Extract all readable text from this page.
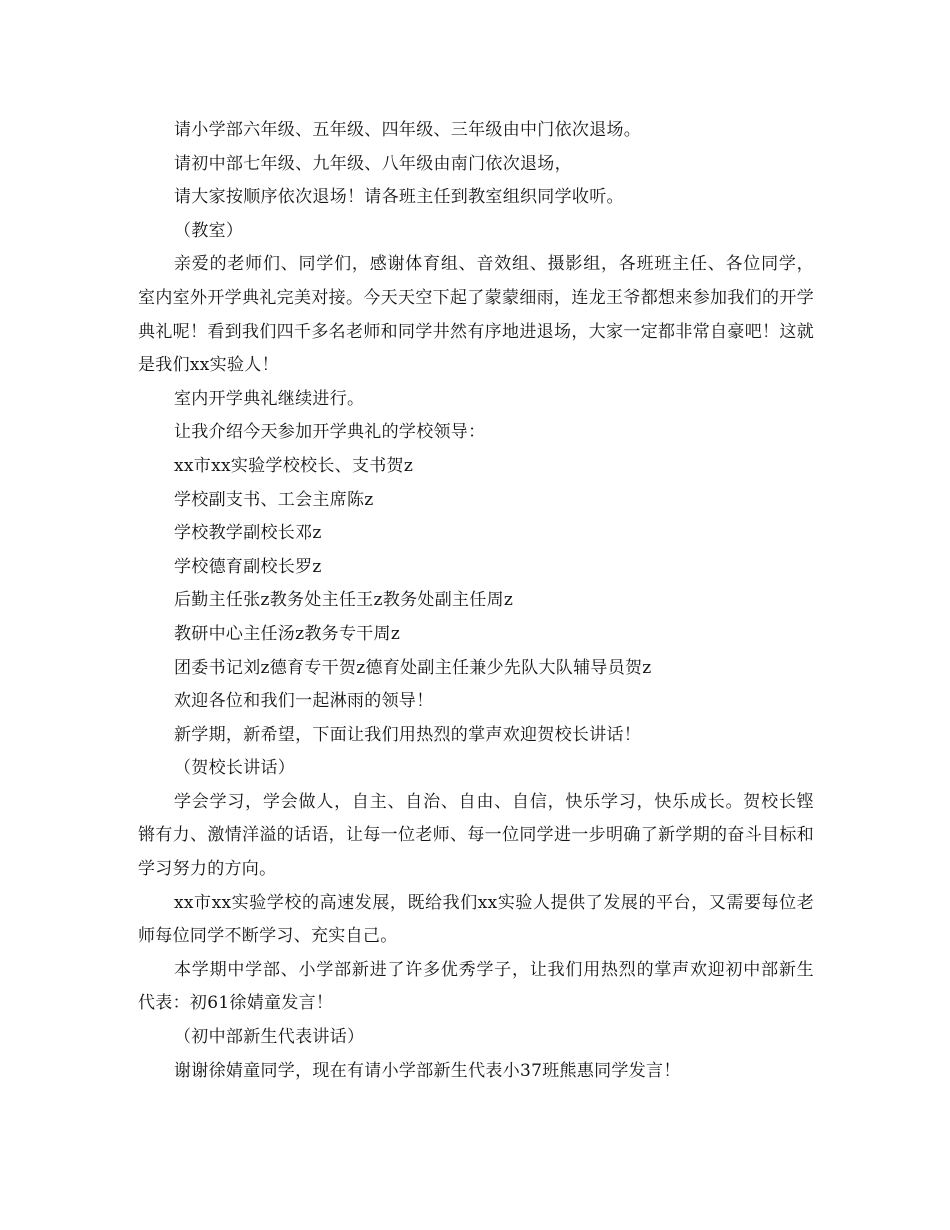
请小学部六年级、五年级、四年级、三年级由中门依次退场。

请初中部七年级、九年级、八年级由南门依次退场，

请大家按顺序依次退场！请各班主任到教室组织同学收听。

（教室）

亲爱的老师们、同学们，感谢体育组、音效组、摄影组，各班班主任、各位同学，室内室外开学典礼完美对接。今天天空下起了蒙蒙细雨，连龙王爷都想来参加我们的开学典礼呢！看到我们四千多名老师和同学井然有序地进退场，大家一定都非常自豪吧！这就是我们xx实验人！

室内开学典礼继续进行。

让我介绍今天参加开学典礼的学校领导：

xx市xx实验学校校长、支书贺z

学校副支书、工会主席陈z

学校教学副校长邓z

学校德育副校长罗z

后勤主任张z教务处主任王z教务处副主任周z

教研中心主任汤z教务专干周z

团委书记刘z德育专干贺z德育处副主任兼少先队大队辅导员贺z

欢迎各位和我们一起淋雨的领导！

新学期，新希望，下面让我们用热烈的掌声欢迎贺校长讲话！

（贺校长讲话）

学会学习，学会做人，自主、自治、自由、自信，快乐学习，快乐成长。贺校长铿锵有力、激情洋溢的话语，让每一位老师、每一位同学进一步明确了新学期的奋斗目标和学习努力的方向。

xx市xx实验学校的高速发展，既给我们xx实验人提供了发展的平台，又需要每位老师每位同学不断学习、充实自己。

本学期中学部、小学部新进了许多优秀学子，让我们用热烈的掌声欢迎初中部新生代表：初61徐婧童发言！

（初中部新生代表讲话）

谢谢徐婧童同学，现在有请小学部新生代表小37班熊惠同学发言！
